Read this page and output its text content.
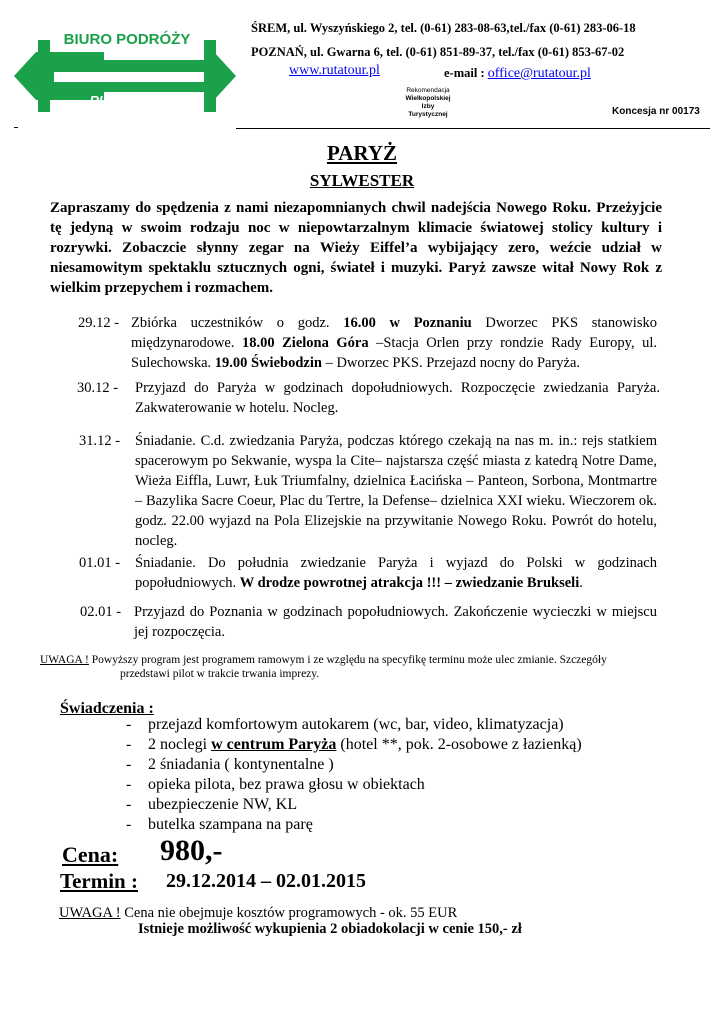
BIURO PODRÓŻY
RUTA TOUR
ŚREM, ul. Wyszyńskiego 2, tel. (0-61) 283-08-63,tel./fax (0-61) 283-06-18
POZNAŃ, ul. Gwarna 6, tel. (0-61) 851-89-37, tel./fax (0-61) 853-67-02
www.rutatour.pl	e-mail : office@rutatour.pl
Rekomendacja
Wielkopolskiej
Izby
Turystycznej	Koncesja nr 00173
PARYŻ
SYLWESTER
Zapraszamy do spędzenia z nami niezapomnianych chwil nadejścia Nowego Roku. Przeżyjcie tę jedyną w swoim rodzaju noc w niepowtarzalnym klimacie światowej stolicy kultury i rozrywki. Zobaczcie słynny zegar na Wieży Eiffel’a wybijający zero, weźcie udział w niesamowitym spektaklu sztucznych ogni, świateł i muzyki. Paryż zawsze witał Nowy Rok z wielkim przepychem i rozmachem.
29.12 - Zbiórka uczestników o godz. 16.00 w Poznaniu Dworzec PKS stanowisko międzynarodowe. 18.00 Zielona Góra –Stacja Orlen przy rondzie Rady Europy, ul. Sulechowska. 19.00 Świebodzin – Dworzec PKS. Przejazd nocny do Paryża.
30.12 - Przyjazd do Paryża w godzinach dopołudniowych. Rozpoczęcie zwiedzania Paryża. Zakwaterowanie w hotelu. Nocleg.
31.12 - Śniadanie. C.d. zwiedzania Paryża, podczas którego czekają na nas m. in.: rejs statkiem spacerowym po Sekwanie, wyspa la Cite– najstarsza część miasta z katedrą Notre Dame, Wieża Eiffla, Luwr, Łuk Triumfalny, dzielnica Łacińska – Panteon, Sorbona, Montmartre – Bazylika Sacre Coeur, Plac du Tertre, la Defense– dzielnica XXI wieku. Wieczorem ok. godz. 22.00 wyjazd na Pola Elizejskie na przywitanie Nowego Roku. Powrót do hotelu, nocleg.
01.01 - Śniadanie. Do południa zwiedzanie Paryża i wyjazd do Polski w godzinach popołudniowych. W drodze powrotnej atrakcja !!! – zwiedzanie Brukseli.
02.01 - Przyjazd do Poznania w godzinach popołudniowych. Zakończenie wycieczki w miejscu jej rozpoczęcia.
UWAGA ! Powyższy program jest programem ramowym i ze względu na specyfikę terminu może ulec zmianie. Szczegóły
przedstawi pilot w trakcie trwania imprezy.
Świadczenia :
- przejazd komfortowym autokarem (wc, bar, video, klimatyzacja)
- 2 noclegi w centrum Paryża (hotel **, pok. 2-osobowe z łazienką)
- 2 śniadania ( kontynentalne )
- opieka pilota, bez prawa głosu w obiektach
- ubezpieczenie NW, KL
- butelka szampana na parę
Cena: 980,-
Termin : 29.12.2014 – 02.01.2015
UWAGA ! Cena nie obejmuje kosztów programowych - ok. 55 EUR
Istnieje możliwość wykupienia 2 obiadokolacji w cenie 150,- zł
